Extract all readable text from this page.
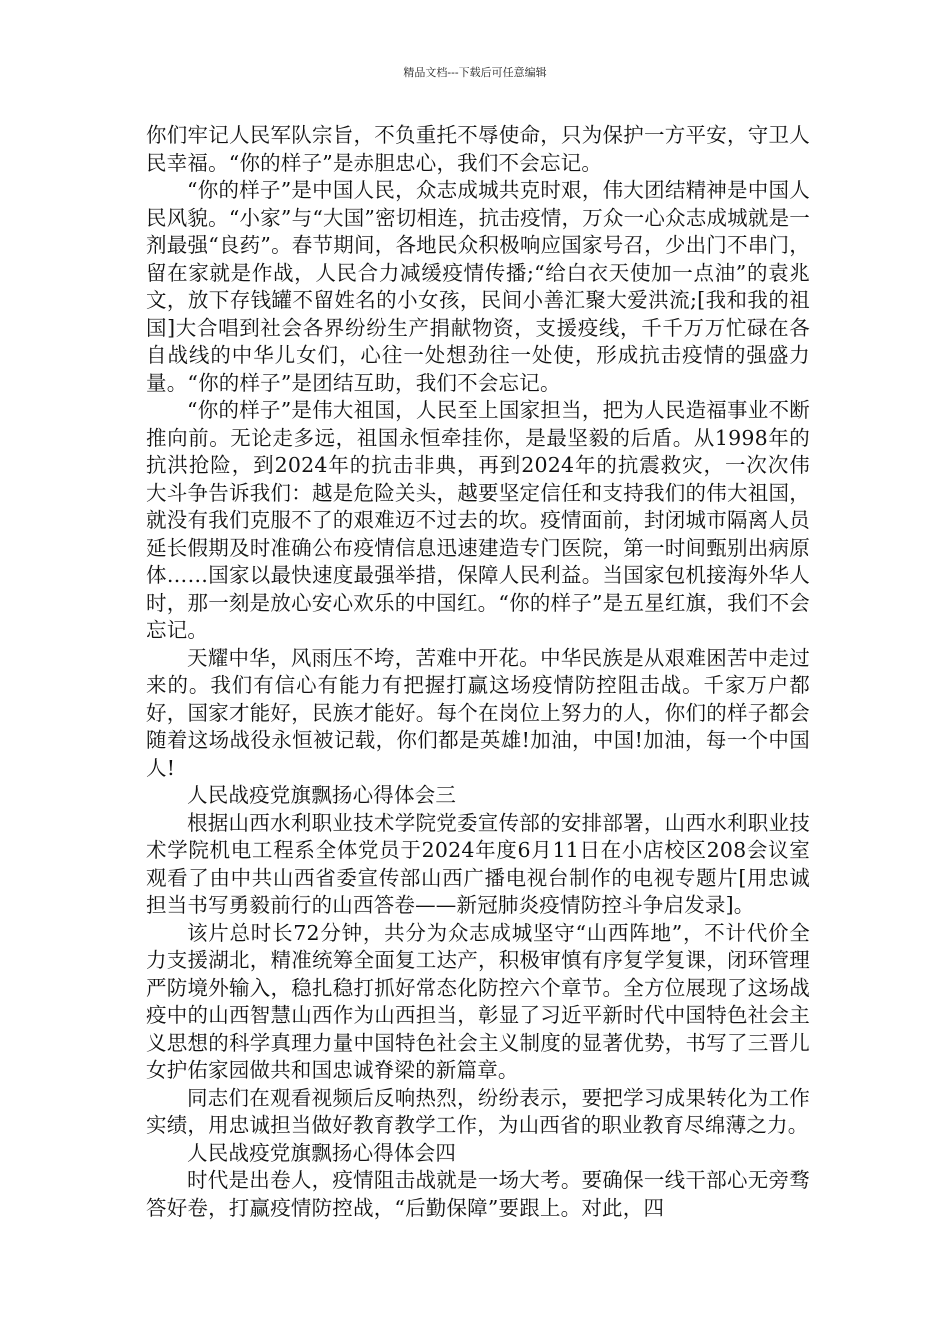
精品文档---下载后可任意编辑

你们牢记人民军队宗旨，不负重托不辱使命，只为保护一方平安，守卫人民幸福。“你的样子”是赤胆忠心，我们不会忘记。

“你的样子”是中国人民，众志成城共克时艰，伟大团结精神是中国人民风貌。“小家”与“大国”密切相连，抗击疫情，万众一心众志成城就是一剂最强“良药”。春节期间，各地民众积极响应国家号召，少出门不串门，留在家就是作战，人民合力减缓疫情传播;“给白衣天使加一点油”的袁兆文，放下存钱罐不留姓名的小女孩，民间小善汇聚大爱洪流;[我和我的祖国]大合唱到社会各界纷纷生产捐献物资，支援疫线，千千万万忙碌在各自战线的中华儿女们，心往一处想劲往一处使，形成抗击疫情的强盛力量。“你的样子”是团结互助，我们不会忘记。

“你的样子”是伟大祖国，人民至上国家担当，把为人民造福事业不断推向前。无论走多远，祖国永恒牵挂你，是最坚毅的后盾。从1998年的抗洪抢险，到2024年的抗击非典，再到2024年的抗震救灾，一次次伟大斗争告诉我们：越是危险关头，越要坚定信任和支持我们的伟大祖国，就没有我们克服不了的艰难迈不过去的坎。疫情面前，封闭城市隔离人员延长假期及时准确公布疫情信息迅速建造专门医院，第一时间甄别出病原体……国家以最快速度最强举措，保障人民利益。当国家包机接海外华人时，那一刻是放心安心欢乐的中国红。“你的样子”是五星红旗，我们不会忘记。

天耀中华，风雨压不垮，苦难中开花。中华民族是从艰难困苦中走过来的。我们有信心有能力有把握打赢这场疫情防控阻击战。千家万户都好，国家才能好，民族才能好。每个在岗位上努力的人，你们的样子都会随着这场战役永恒被记载，你们都是英雄!加油，中国!加油，每一个中国人!

人民战疫党旗飘扬心得体会三

根据山西水利职业技术学院党委宣传部的安排部署，山西水利职业技术学院机电工程系全体党员于2024年度6月11日在小店校区208会议室观看了由中共山西省委宣传部山西广播电视台制作的电视专题片[用忠诚担当书写勇毅前行的山西答卷——新冠肺炎疫情防控斗争启发录]。

该片总时长72分钟，共分为众志成城坚守“山西阵地”，不计代价全力支援湖北，精准统筹全面复工达产，积极审慎有序复学复课，闭环管理严防境外输入，稳扎稳打抓好常态化防控六个章节。全方位展现了这场战疫中的山西智慧山西作为山西担当，彰显了习近平新时代中国特色社会主义思想的科学真理力量中国特色社会主义制度的显著优势，书写了三晋儿女护佑家园做共和国忠诚脊梁的新篇章。

同志们在观看视频后反响热烈，纷纷表示，要把学习成果转化为工作实绩，用忠诚担当做好教育教学工作，为山西省的职业教育尽绵薄之力。

人民战疫党旗飘扬心得体会四

时代是出卷人，疫情阻击战就是一场大考。要确保一线干部心无旁骛答好卷，打赢疫情防控战，“后勤保障”要跟上。对此，四
